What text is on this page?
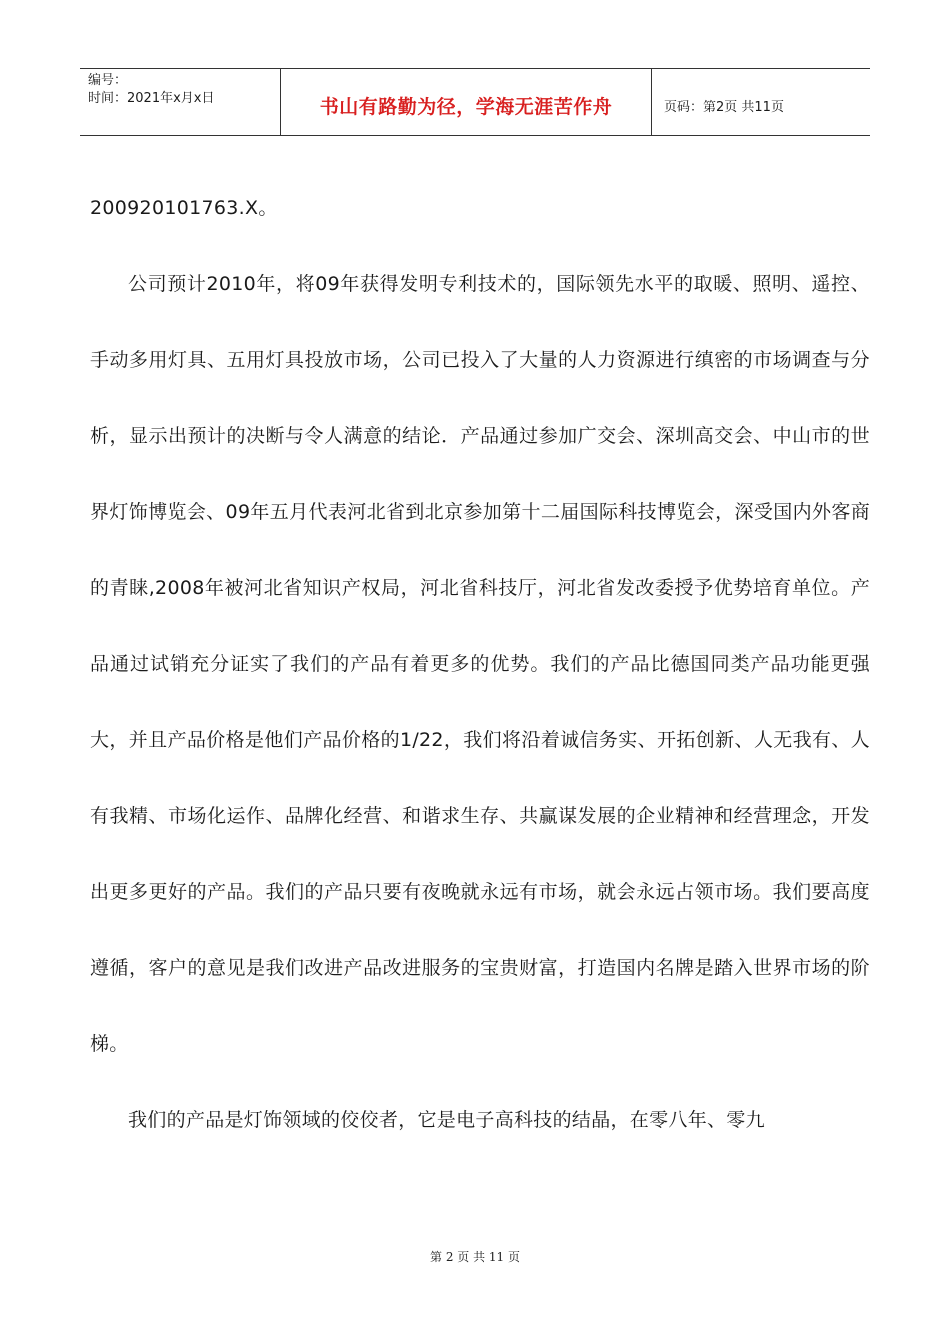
编号：
时间：2021年x月x日	书山有路勤为径，学海无涯苦作舟	页码：第2页 共11页

200920101763.X。

公司预计2010年，将09年获得发明专利技术的，国际领先水平的取暖、照明、遥控、手动多用灯具、五用灯具投放市场，公司已投入了大量的人力资源进行缜密的市场调查与分析，显示出预计的决断与令人满意的结论．产品通过参加广交会、深圳高交会、中山市的世界灯饰博览会、09年五月代表河北省到北京参加第十二届国际科技博览会，深受国内外客商的青睐,2008年被河北省知识产权局，河北省科技厅，河北省发改委授予优势培育单位。产品通过试销充分证实了我们的产品有着更多的优势。我们的产品比德国同类产品功能更强大，并且产品价格是他们产品价格的1/22，我们将沿着诚信务实、开拓创新、人无我有、人有我精、市场化运作、品牌化经营、和谐求生存、共赢谋发展的企业精神和经营理念，开发出更多更好的产品。我们的产品只要有夜晚就永远有市场，就会永远占领市场。我们要高度遵循，客户的意见是我们改进产品改进服务的宝贵财富，打造国内名牌是踏入世界市场的阶梯。

我们的产品是灯饰领域的佼佼者，它是电子高科技的结晶，在零八年、零九

第 2 页 共 11 页
